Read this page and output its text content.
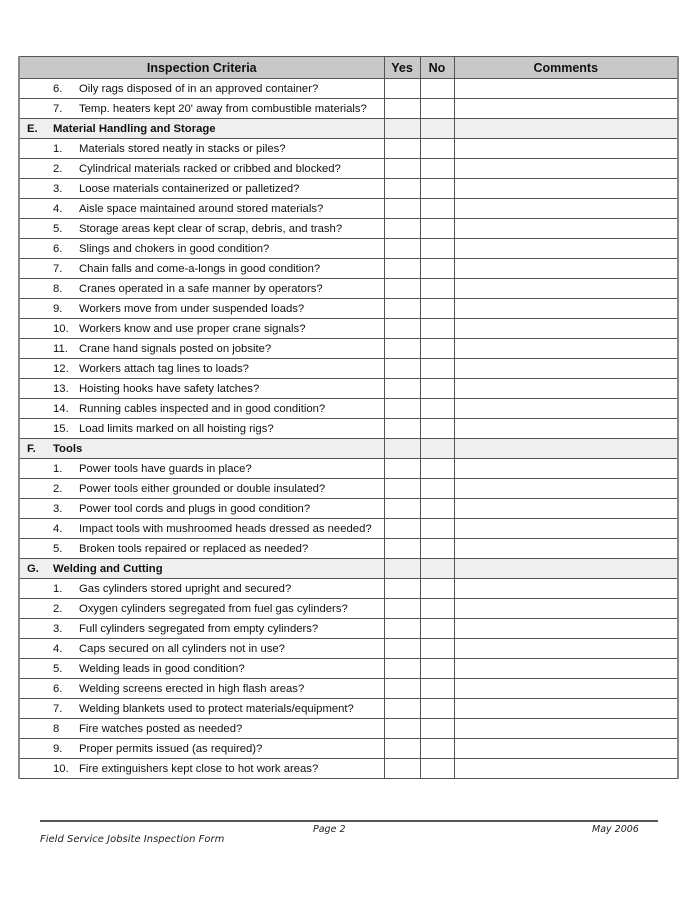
Inspection Criteria	Yes	No	Comments

6. Oily rags disposed of in an approved container?			

7. Temp. heaters kept 20' away from combustible materials?			

E. Material Handling and Storage			

1. Materials stored neatly in stacks or piles?			

2. Cylindrical materials racked or cribbed and blocked?			

3. Loose materials containerized or palletized?			

4. Aisle space maintained around stored materials?			

5. Storage areas kept clear of scrap, debris, and trash?			

6. Slings and chokers in good condition?			

7. Chain falls and come-a-longs in good condition?			

8. Cranes operated in a safe manner by operators?			

9. Workers move from under suspended loads?			

10. Workers know and use proper crane signals?			

11. Crane hand signals posted on jobsite?			

12. Workers attach tag lines to loads?			

13. Hoisting hooks have safety latches?			

14. Running cables inspected and in good condition?			

15. Load limits marked on all hoisting rigs?			

F. Tools			

1. Power tools have guards in place?			

2. Power tools either grounded or double insulated?			

3. Power tool cords and plugs in good condition?			

4. Impact tools with mushroomed heads dressed as needed?			

5. Broken tools repaired or replaced as needed?			

G. Welding and Cutting			

1. Gas cylinders stored upright and secured?			

2. Oxygen cylinders segregated from fuel gas cylinders?			

3. Full cylinders segregated from empty cylinders?			

4. Caps secured on all cylinders not in use?			

5. Welding leads in good condition?			

6. Welding screens erected in high flash areas?			

7. Welding blankets used to protect materials/equipment?			

8 Fire watches posted as needed?			

9. Proper permits issued (as required)?			

10. Fire extinguishers kept close to hot work areas?			

Page 2	May 2006
Field Service Jobsite Inspection Form
